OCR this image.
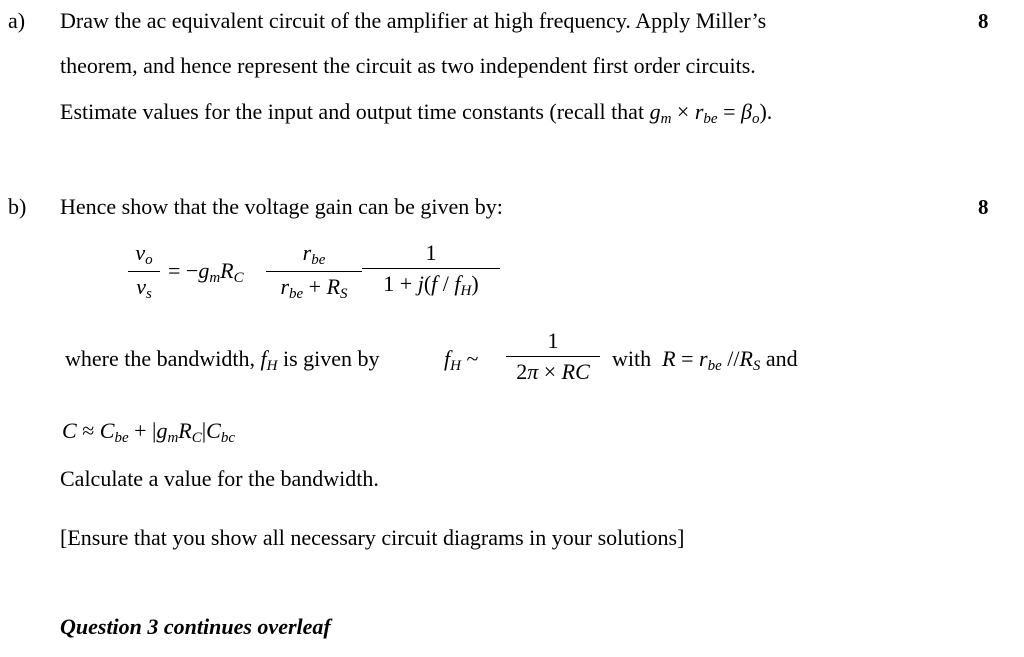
a) Draw the ac equivalent circuit of the amplifier at high frequency. Apply Miller’s	8
theorem, and hence represent the circuit as two independent first order circuits.
Estimate values for the input and output time constants (recall that $g_m \times r_{be} = \beta_o$).
b) Hence show that the voltage gain can be given by:	8
$v_o$
$v_s$
= $-g_mR_C$
$r_{be}$
$r_{be} + R_S$
1
$1 + j(f / f_H)$
where the bandwidth, $f_H$ is given by	$f_H$ ~
1
2π × RC
with $R = r_{be}$ $//R_S$ and
$C \approx C_{be} + |g_mR_C|C_{bc}$
Calculate a value for the bandwidth.
[Ensure that you show all necessary circuit diagrams in your solutions]
Question 3 continues overleaf
